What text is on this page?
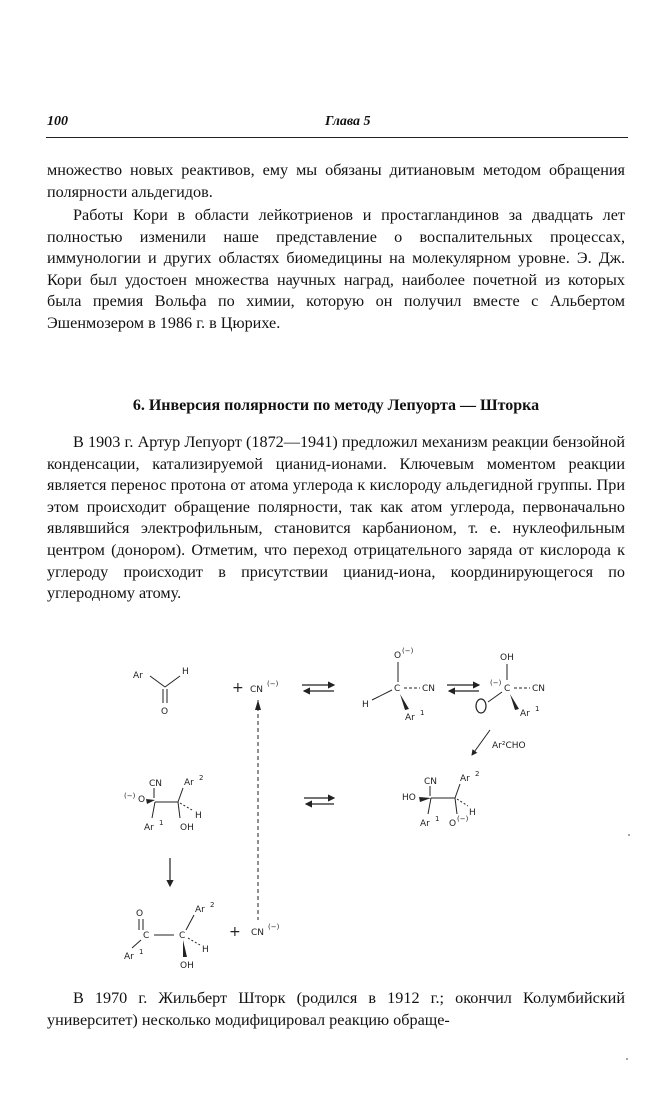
100	Глава 5

множество новых реактивов, ему мы обязаны дитиановым методом обращения полярности альдегидов.

Работы Кори в области лейкотриенов и простагландинов за двадцать лет полностью изменили наше представление о воспалительных процессах, иммунологии и других областях биомедицины на молекулярном уровне. Э. Дж. Кори был удостоен множества научных наград, наиболее почетной из которых была премия Вольфа по химии, которую он получил вместе с Альбертом Эшенмозером в 1986 г. в Цюрихе.

6. Инверсия полярности по методу Лепуорта — Шторка

В 1903 г. Артур Лепуорт (1872—1941) предложил механизм реакции бензойной конденсации, катализируемой цианид-ионами. Ключевым моментом реакции является перенос протона от атома углерода к кислороду альдегидной группы. При этом происходит обращение полярности, так как атом углерода, первоначально являвшийся электрофильным, становится карбанионом, т. е. нуклеофильным центром (донором). Отметим, что переход отрицательного заряда от кислорода к углероду происходит в присутствии цианид-иона, координирующегося по углеродному атому.

Ar	H
O
+ CN
(−)
O (−)
C CN
H
Ar 1
OH
(−)
C CN
Ar 1
Ar²CHO
CN
(−) O
Ar 1
Ar 2
OH
H
CN
HO
Ar 1
Ar 2
O (−)
H
O
C
Ar 1
C
Ar 2
H
OH
+ CN
(−)

В 1970 г. Жильберт Шторк (родился в 1912 г.; окончил Колумбийский университет) несколько модифицировал реакцию обраще-
